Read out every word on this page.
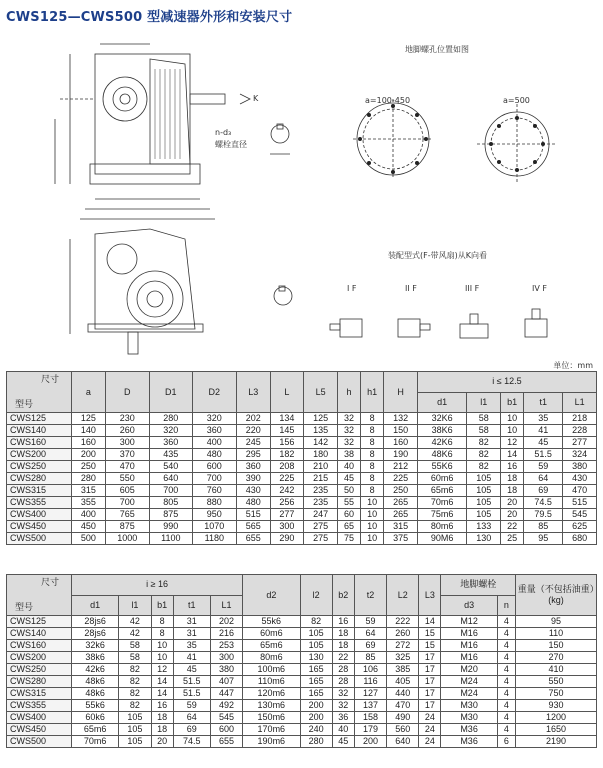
CWS125—CWS500 型减速器外形和安装尺寸
地脚螺孔位置如图
a=100-450	a=500
K
n-d₃
螺栓直径
装配型式(F-带风扇)从K向看
I F	II F	III F	IV F
单位：mm
尺寸
型号	a	D	D1	D2	L3	L	L5	h	h1	H	i ≤ 12.5				
											d1	l1	b1	t1	L1
CWS125	125	230	280	320	202	134	125	32	8	132	32K6	58	10	35	218
CWS140	140	260	320	360	220	145	135	32	8	150	38K6	58	10	41	228
CWS160	160	300	360	400	245	156	142	32	8	160	42K6	82	12	45	277
CWS200	200	370	435	480	295	182	180	38	8	190	48K6	82	14	51.5	324
CWS250	250	470	540	600	360	208	210	40	8	212	55K6	82	16	59	380
CWS280	280	550	640	700	390	225	215	45	8	225	60m6	105	18	64	430
CWS315	315	605	700	760	430	242	235	50	8	250	65m6	105	18	69	470
CWS355	355	700	805	880	480	256	235	55	10	265	70m6	105	20	74.5	515
CWS400	400	765	875	950	515	277	247	60	10	265	75m6	105	20	79.5	545
CWS450	450	875	990	1070	565	300	275	65	10	315	80m6	133	22	85	625
CWS500	500	1000	1100	1180	655	290	275	75	10	375	90M6	130	25	95	680
尺寸
型号	i ≥ 16					d2	l2	b2	t2	L2	L3	地脚螺栓		重量（不包括油重）(kg)
	d1	l1	b1	t1	L1							d3	n	
CWS125	28js6	42	8	31	202	55k6	82	16	59	222	14	M12	4	95
CWS140	28js6	42	8	31	216	60m6	105	18	64	260	15	M16	4	110
CWS160	32k6	58	10	35	253	65m6	105	18	69	272	15	M16	4	150
CWS200	38k6	58	10	41	300	80m6	130	22	85	325	17	M16	4	270
CWS250	42k6	82	12	45	380	100m6	165	28	106	385	17	M20	4	410
CWS280	48k6	82	14	51.5	407	110m6	165	28	116	405	17	M24	4	550
CWS315	48k6	82	14	51.5	447	120m6	165	32	127	440	17	M24	4	750
CWS355	55k6	82	16	59	492	130m6	200	32	137	470	17	M30	4	930
CWS400	60k6	105	18	64	545	150m6	200	36	158	490	24	M30	4	1200
CWS450	65m6	105	18	69	600	170m6	240	40	179	560	24	M36	4	1650
CWS500	70m6	105	20	74.5	655	190m6	280	45	200	640	24	M36	6	2190
